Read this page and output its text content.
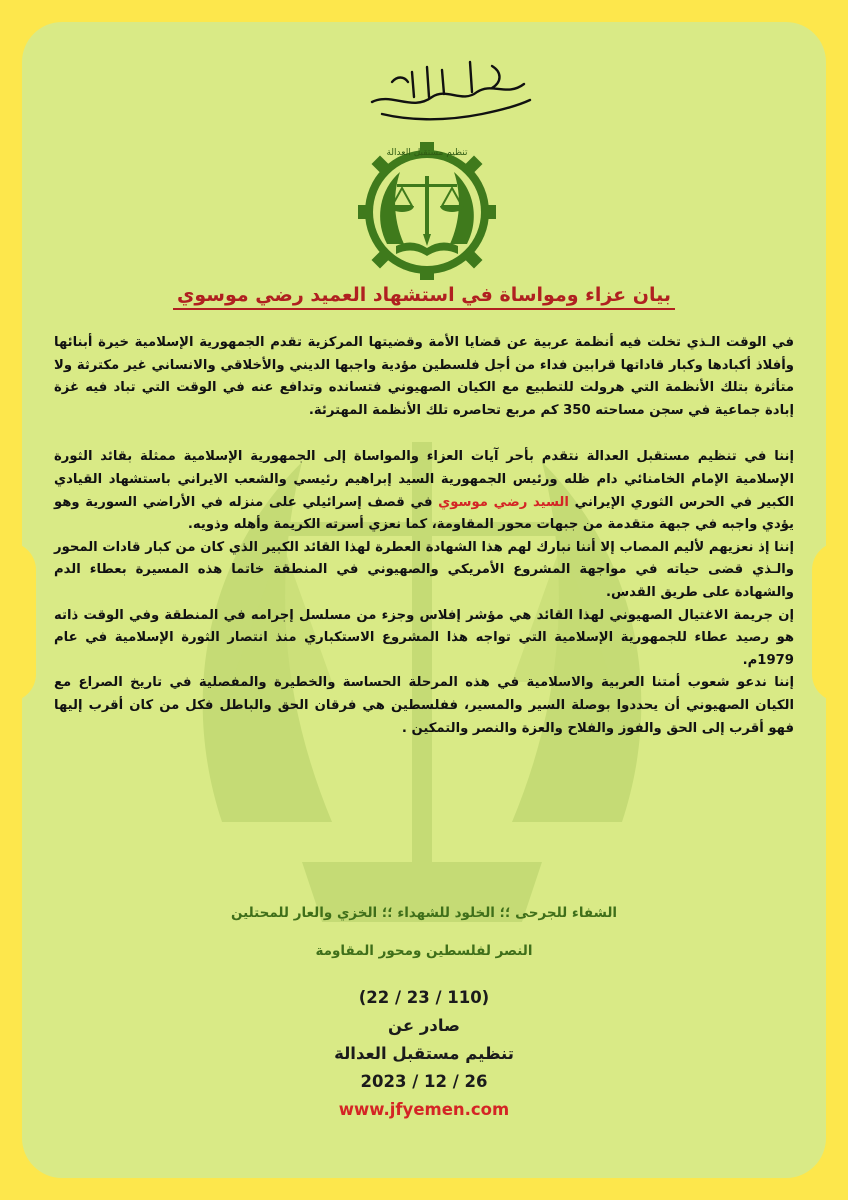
تنظيم مستقبل العدالة
بيان عزاء ومواساة في استشهاد العميد رضي موسوي

في الوقت الـذي تخلت فيه أنظمة عربية عن قضايا الأمة وقضيتها المركزية تقدم الجمهورية الإسلامية خيرة أبنائها وأفلاذ أكبادها وكبار قاداتها قرابين فداء من أجل فلسطين مؤدية واجبها الديني والأخلاقي والانساني غير مكترثة ولا متأثرة بتلك الأنظمة التي هرولت للتطبيع مع الكيان الصهيوني فتسانده وتدافع عنه في الوقت التي تباد فيه غزة إبادة جماعية في سجن مساحته 350 كم مربع تحاصره تلك الأنظمة المهترئة.

إننا في تنظيم مستقبل العدالة نتقدم بأحر آيات العزاء والمواساة إلى الجمهورية الإسلامية ممثلة بقائد الثورة الإسلامية الإمام الخامنائي دام ظله ورئيس الجمهورية السيد إبراهيم رئيسي والشعب الايراني باستشهاد القيادي الكبير في الحرس الثوري الإيراني السيد رضي موسوي في قصف إسرائيلي على منزله في الأراضي السورية وهو يؤدي واجبه في جبهة متقدمة من جبهات محور المقاومة، كما نعزي أسرته الكريمة وأهله وذويه.

إننا إذ نعزيهم لأليم المصاب إلا أننا نبارك لهم هذا الشهادة العطرة لهذا القائد الكبير الذي كان من كبار قادات المحور والـذي قضى حياته في مواجهة المشروع الأمريكي والصهيوني في المنطقة خاتما هذه المسيرة بعطاء الدم والشهادة على طريق القدس.

إن جريمة الاغتيال الصهيوني لهذا القائد هي مؤشر إفلاس وجزء من مسلسل إجرامه في المنطقة وفي الوقت ذاته هو رصيد عطاء للجمهورية الإسلامية التي تواجه هذا المشروع الاستكباري منذ انتصار الثورة الإسلامية في عام 1979م.

إننا ندعو شعوب أمتنا العربية والاسلامية في هذه المرحلة الحساسة والخطيرة والمفصلية في تاريخ الصراع مع الكيان الصهيوني أن يحددوا بوصلة السير والمسير، ففلسطين هي فرقان الحق والباطل فكل من كان أقرب إليها فهو أقرب إلى الحق والفوز والفلاح والعزة والنصر والتمكين .

الشفاء للجرحى ؛؛ الخلود للشهداء ؛؛ الخزي والعار للمحتلين
النصر لفلسطين ومحور المقاومة
(22 / 23 / 110)
صادر عن
تنظيم مستقبل العدالة
2023 / 12 / 26
www.jfyemen.com
